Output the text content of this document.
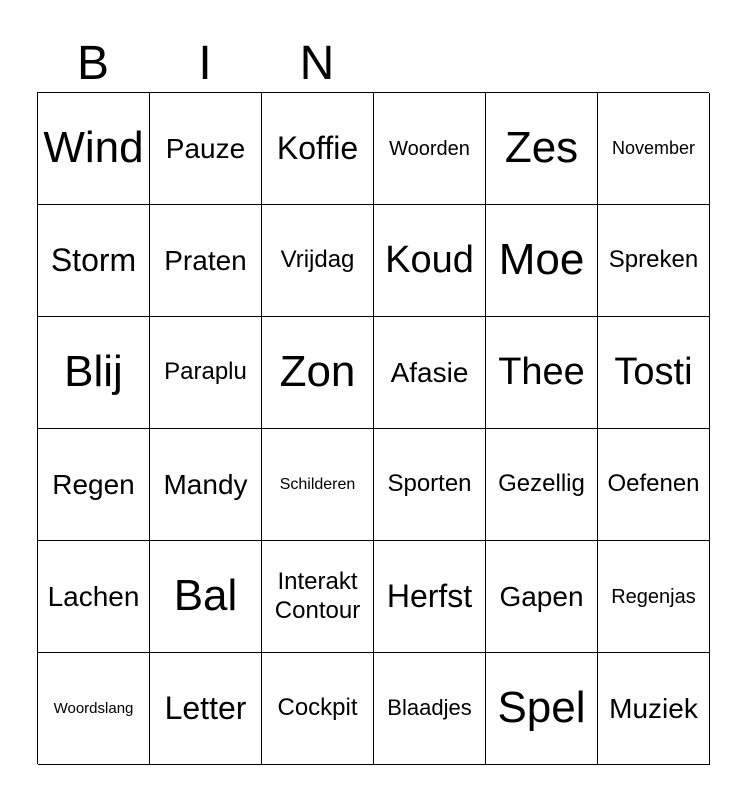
B	I	N
Wind Pauze Koffie Woorden Zes November
Storm Praten Vrijdag Koud Moe Spreken
Blij Paraplu Zon Afasie Thee Tosti
Regen Mandy Schilderen Sporten Gezellig Oefenen
Lachen Bal Interakt Contour Herfst Gapen Regenjas
Woordslang Letter Cockpit Blaadjes Spel Muziek
